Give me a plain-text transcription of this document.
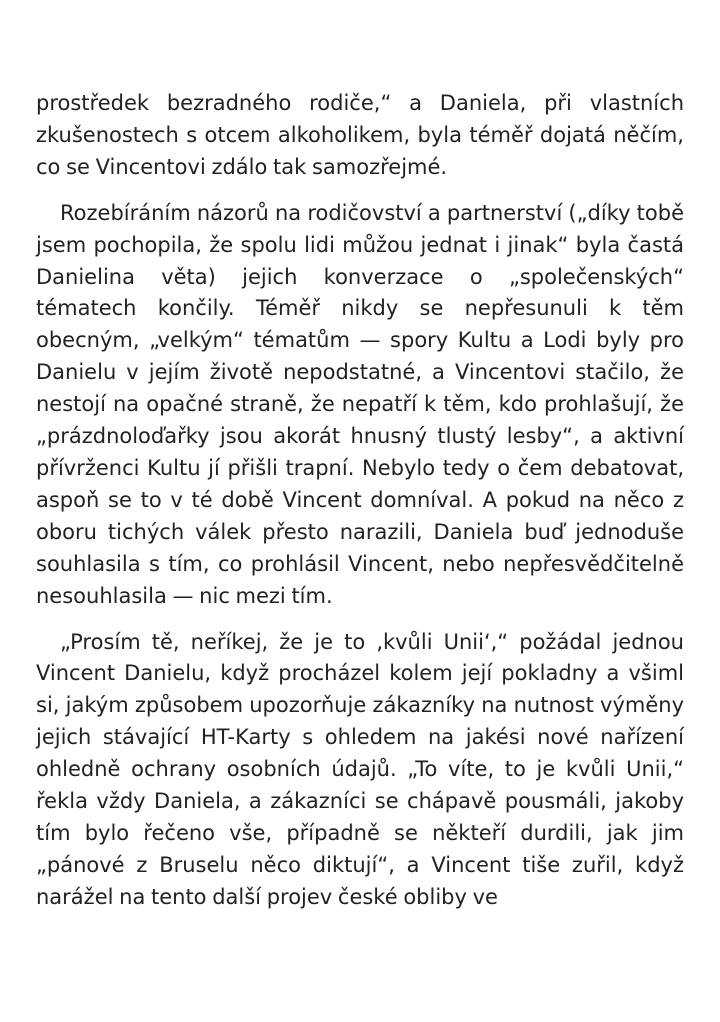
prostředek bezradného rodiče,“ a Daniela, při vlastních zkušenostech s otcem alkoholikem, byla téměř dojatá něčím, co se Vincentovi zdálo tak samozřejmé.

Rozebíráním názorů na rodičovství a partnerství („díky tobě jsem pochopila, že spolu lidi můžou jednat i jinak“ byla častá Danielina věta) jejich konverzace o „společenských“ tématech končily. Téměř nikdy se nepřesunuli k těm obecným, „velkým“ tématům — spory Kultu a Lodi byly pro Danielu v jejím životě nepodstatné, a Vincentovi stačilo, že nestojí na opačné straně, že nepatří k těm, kdo prohlašují, že „prázdnoloďařky jsou akorát hnusný tlustý lesby“, a aktivní přívrženci Kultu jí přišli trapní. Nebylo tedy o čem debatovat, aspoň se to v té době Vincent domníval. A pokud na něco z oboru tichých válek přesto narazili, Daniela buď jednoduše souhlasila s tím, co prohlásil Vincent, nebo nepřesvědčitelně nesouhlasila — nic mezi tím.

„Prosím tě, neříkej, že je to ‚kvůli Unii‘,“ požádal jednou Vincent Danielu, když procházel kolem její pokladny a všiml si, jakým způsobem upozorňuje zákazníky na nutnost výměny jejich stávající HT-Karty s ohledem na jakési nové nařízení ohledně ochrany osobních údajů. „To víte, to je kvůli Unii,“ řekla vždy Daniela, a zákazníci se chápavě pousmáli, jakoby tím bylo řečeno vše, případně se někteří durdili, jak jim „pánové z Bruselu něco diktují“, a Vincent tiše zuřil, když narážel na tento další projev české obliby ve
